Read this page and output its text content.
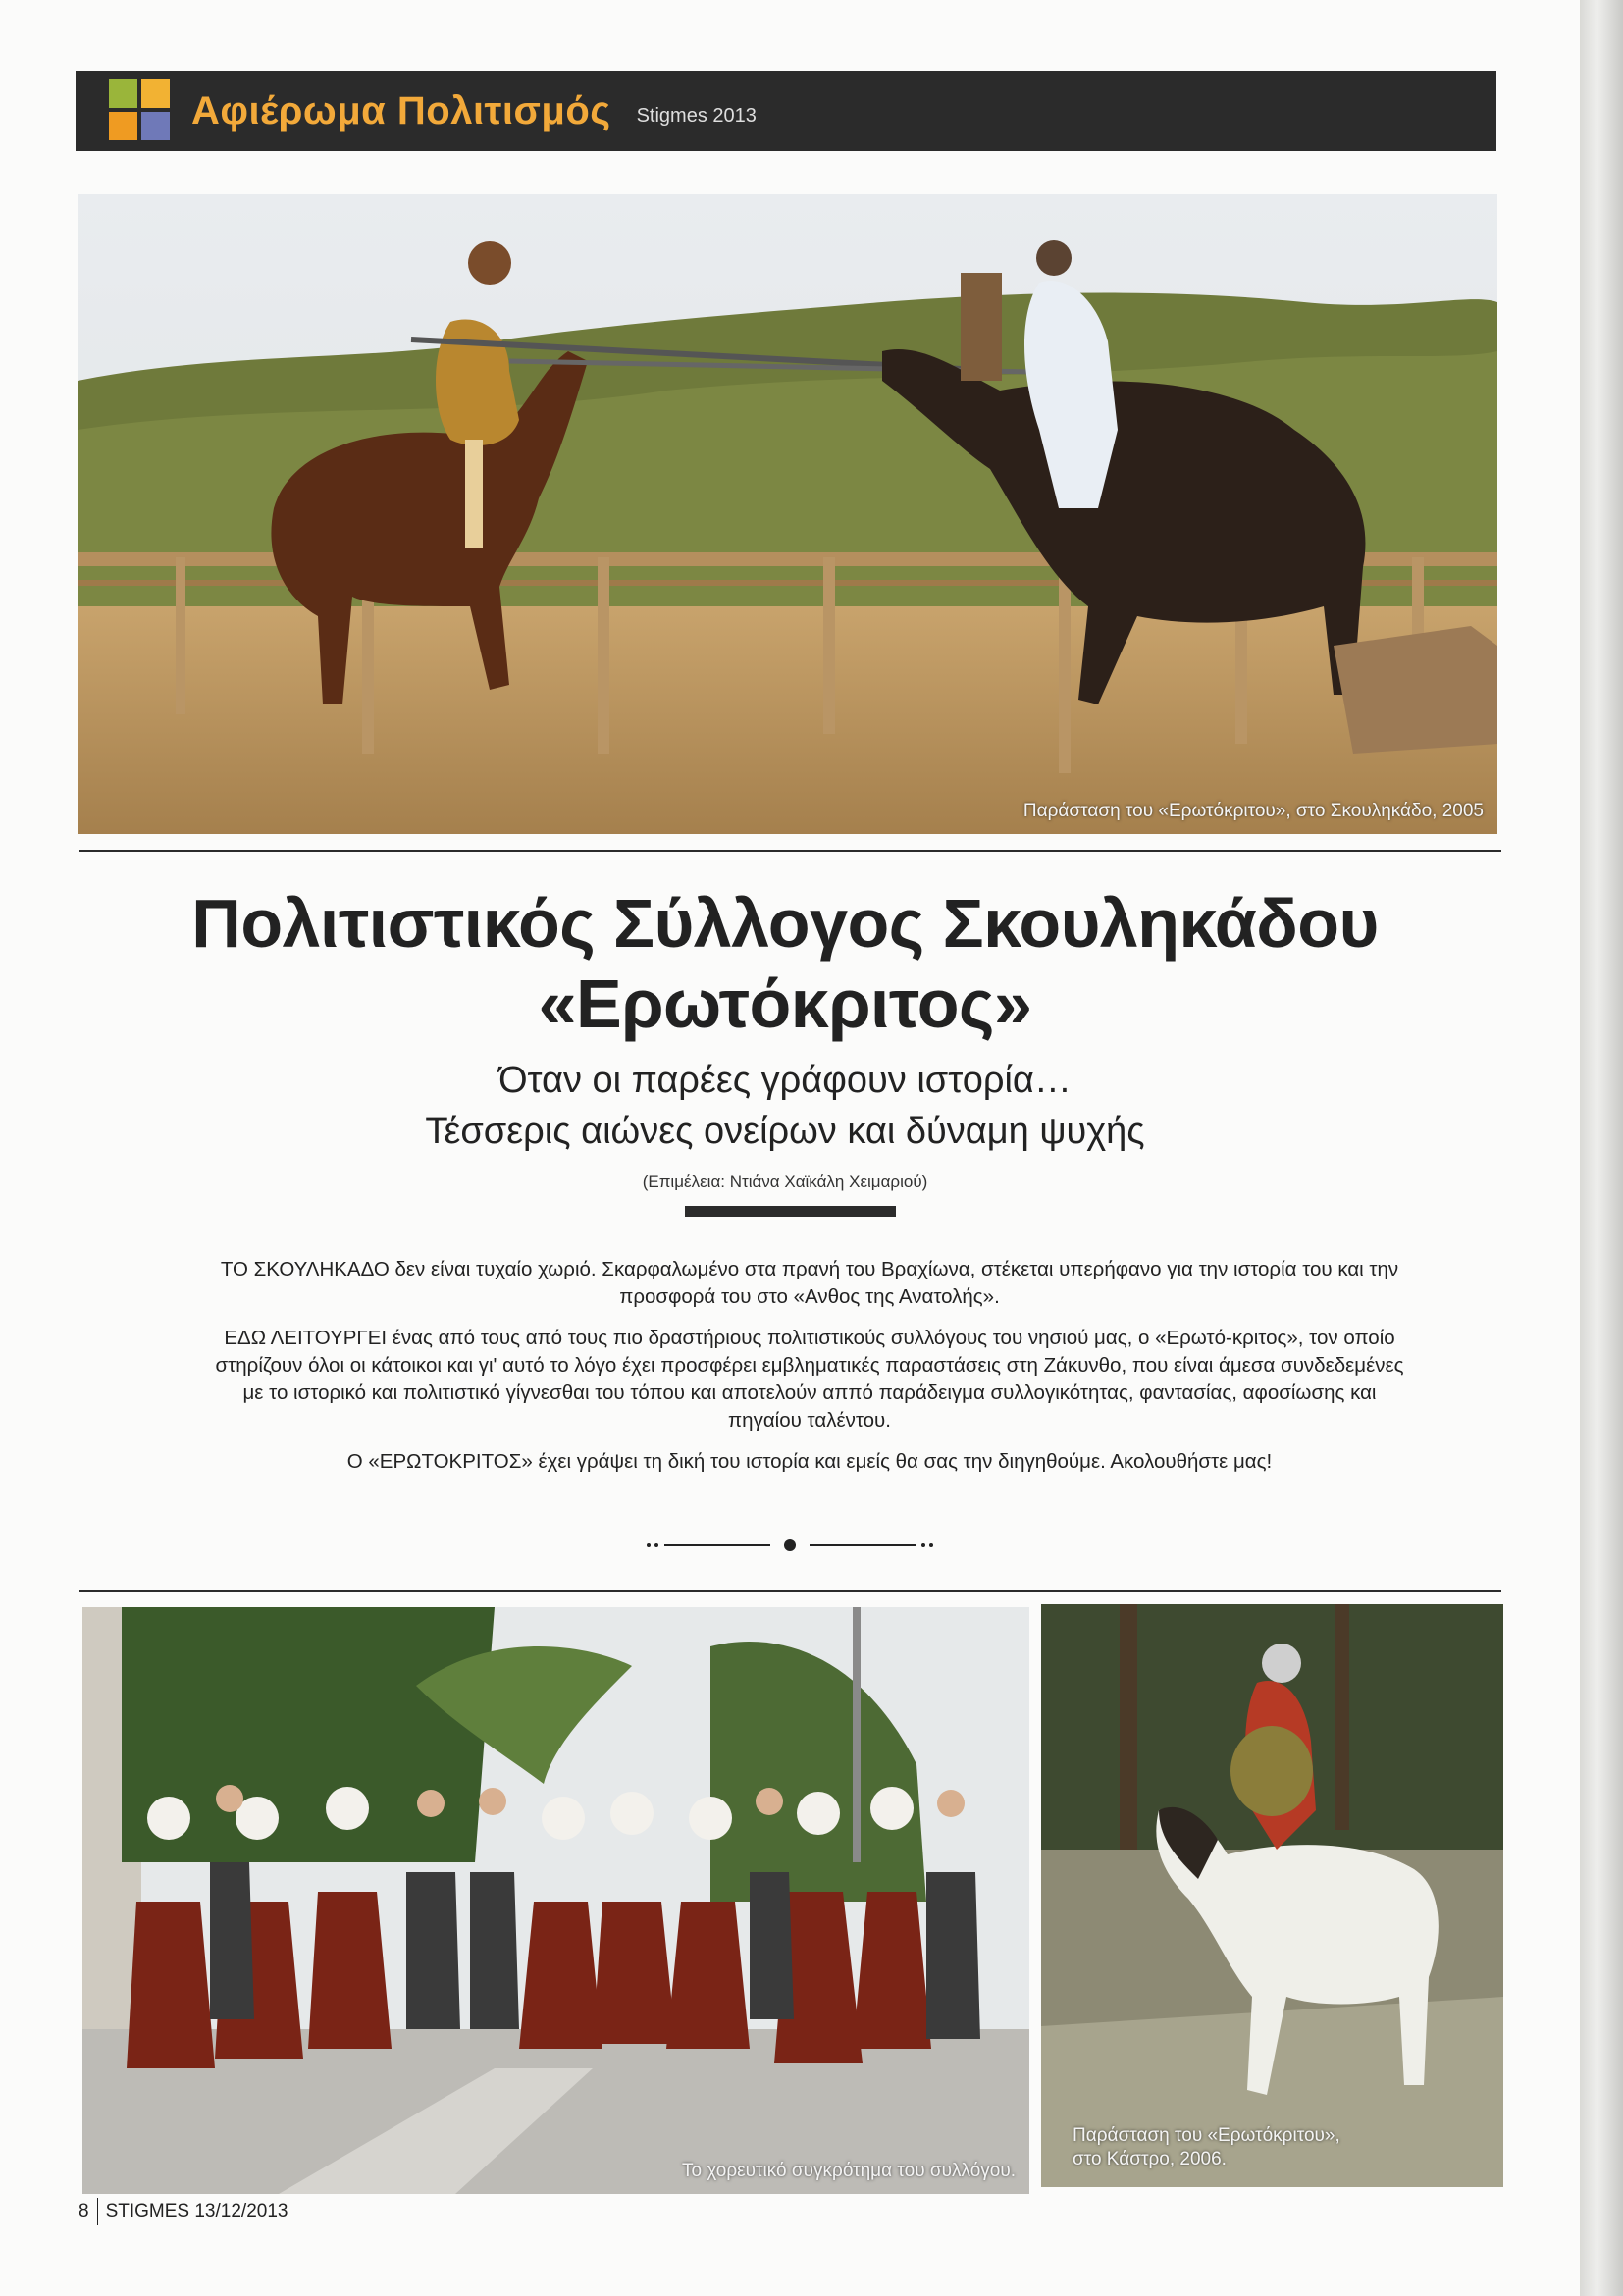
Αφιέρωμα Πολιτισμός Stigmes 2013
Παράσταση του «Ερωτόκριτου», στο Σκουληκάδο, 2005
Πολιτιστικός Σύλλογος Σκουληκάδου
«Ερωτόκριτος»
Όταν οι παρέες γράφουν ιστορία…
Τέσσερις αιώνες ονείρων και δύναμη ψυχής
(Επιμέλεια: Ντιάνα Χαϊκάλη Χειμαριού)

ΤΟ ΣΚΟΥΛΗΚΑΔΟ δεν είναι τυχαίο χωριό. Σκαρφαλωμένο στα πρανή του Βραχίωνα, στέκεται υπερήφανο για την ιστορία του και την προσφορά του στο «Ανθος της Ανατολής».

ΕΔΩ ΛΕΙΤΟΥΡΓΕΙ ένας από τους από τους πιο δραστήριους πολιτιστικούς συλλόγους του νησιού μας, ο «Ερωτό-κριτος», τον οποίο στηρίζουν όλοι οι κάτοικοι και γι' αυτό το λόγο έχει προσφέρει εμβληματικές παραστάσεις στη Ζάκυνθο, που είναι άμεσα συνδεδεμένες με το ιστορικό και πολιτιστικό γίγνεσθαι του τόπου και αποτελούν αππό παράδειγμα συλλογικότητας, φαντασίας, αφοσίωσης και πηγαίου ταλέντου.

Ο «ΕΡΩΤΟΚΡΙΤΟΣ» έχει γράψει τη δική του ιστορία και εμείς θα σας την διηγηθούμε. Ακολουθήστε μας!

Το χορευτικό συγκρότημα του συλλόγου.
Παράσταση του «Ερωτόκριτου»,
στο Κάστρο, 2006.
8 STIGMES 13/12/2013
